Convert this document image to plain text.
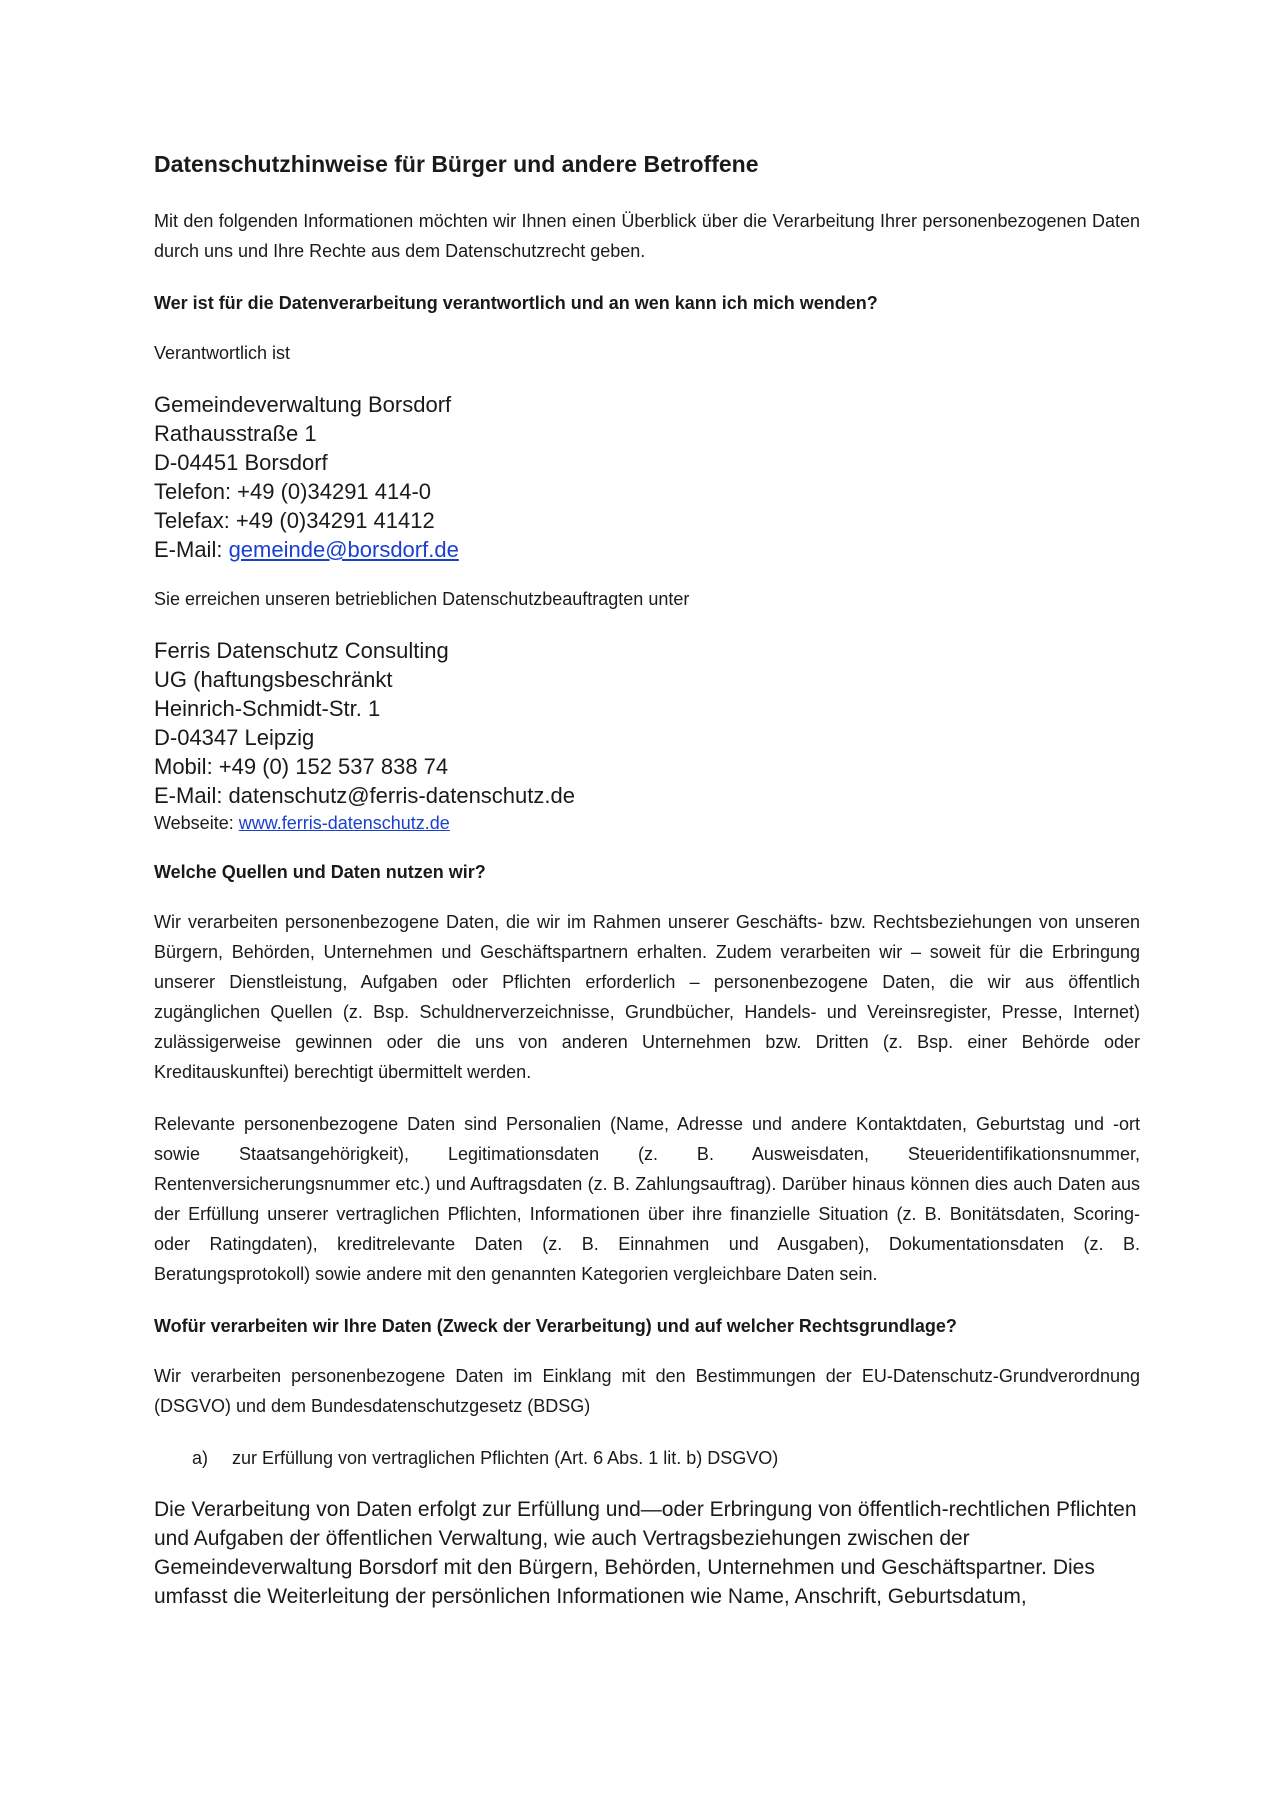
Datenschutzhinweise für Bürger und andere Betroffene
Mit den folgenden Informationen möchten wir Ihnen einen Überblick über die Verarbeitung Ihrer personenbezogenen Daten durch uns und Ihre Rechte aus dem Datenschutzrecht geben.
Wer ist für die Datenverarbeitung verantwortlich und an wen kann ich mich wenden?
Verantwortlich ist
Gemeindeverwaltung Borsdorf
Rathausstraße 1
D-04451 Borsdorf
Telefon: +49 (0)34291 414-0
Telefax: +49 (0)34291 41412
E-Mail: gemeinde@borsdorf.de
Sie erreichen unseren betrieblichen Datenschutzbeauftragten unter
Ferris Datenschutz Consulting
UG (haftungsbeschränkt
Heinrich-Schmidt-Str. 1
D-04347 Leipzig
Mobil: +49 (0) 152 537 838 74
E-Mail: datenschutz@ferris-datenschutz.de
Webseite: www.ferris-datenschutz.de
Welche Quellen und Daten nutzen wir?
Wir verarbeiten personenbezogene Daten, die wir im Rahmen unserer Geschäfts- bzw. Rechtsbeziehungen von unseren Bürgern, Behörden, Unternehmen und Geschäftspartnern erhalten. Zudem verarbeiten wir – soweit für die Erbringung unserer Dienstleistung, Aufgaben oder Pflichten erforderlich – personenbezogene Daten, die wir aus öffentlich zugänglichen Quellen (z. Bsp. Schuldnerverzeichnisse, Grundbücher, Handels- und Vereinsregister, Presse, Internet) zulässigerweise gewinnen oder die uns von anderen Unternehmen bzw. Dritten (z. Bsp. einer Behörde oder Kreditauskunftei) berechtigt übermittelt werden.
Relevante personenbezogene Daten sind Personalien (Name, Adresse und andere Kontaktdaten, Geburtstag und -ort sowie Staatsangehörigkeit), Legitimationsdaten (z. B. Ausweisdaten, Steueridentifikationsnummer, Rentenversicherungsnummer etc.) und Auftragsdaten (z. B. Zahlungsauftrag). Darüber hinaus können dies auch Daten aus der Erfüllung unserer vertraglichen Pflichten, Informationen über ihre finanzielle Situation (z. B. Bonitätsdaten, Scoring- oder Ratingdaten), kreditrelevante Daten (z. B. Einnahmen und Ausgaben), Dokumentationsdaten (z. B. Beratungsprotokoll) sowie andere mit den genannten Kategorien vergleichbare Daten sein.
Wofür verarbeiten wir Ihre Daten (Zweck der Verarbeitung) und auf welcher Rechtsgrundlage?
Wir verarbeiten personenbezogene Daten im Einklang mit den Bestimmungen der EU-Datenschutz-Grundverordnung (DSGVO) und dem Bundesdatenschutzgesetz (BDSG)
a) zur Erfüllung von vertraglichen Pflichten (Art. 6 Abs. 1 lit. b) DSGVO)
Die Verarbeitung von Daten erfolgt zur Erfüllung und—oder Erbringung von öffentlich-rechtlichen Pflichten und Aufgaben der öffentlichen Verwaltung, wie auch Vertragsbeziehungen zwischen der Gemeindeverwaltung Borsdorf mit den Bürgern, Behörden, Unternehmen und Geschäftspartner. Dies umfasst die Weiterleitung der persönlichen Informationen wie Name, Anschrift, Geburtsdatum,
